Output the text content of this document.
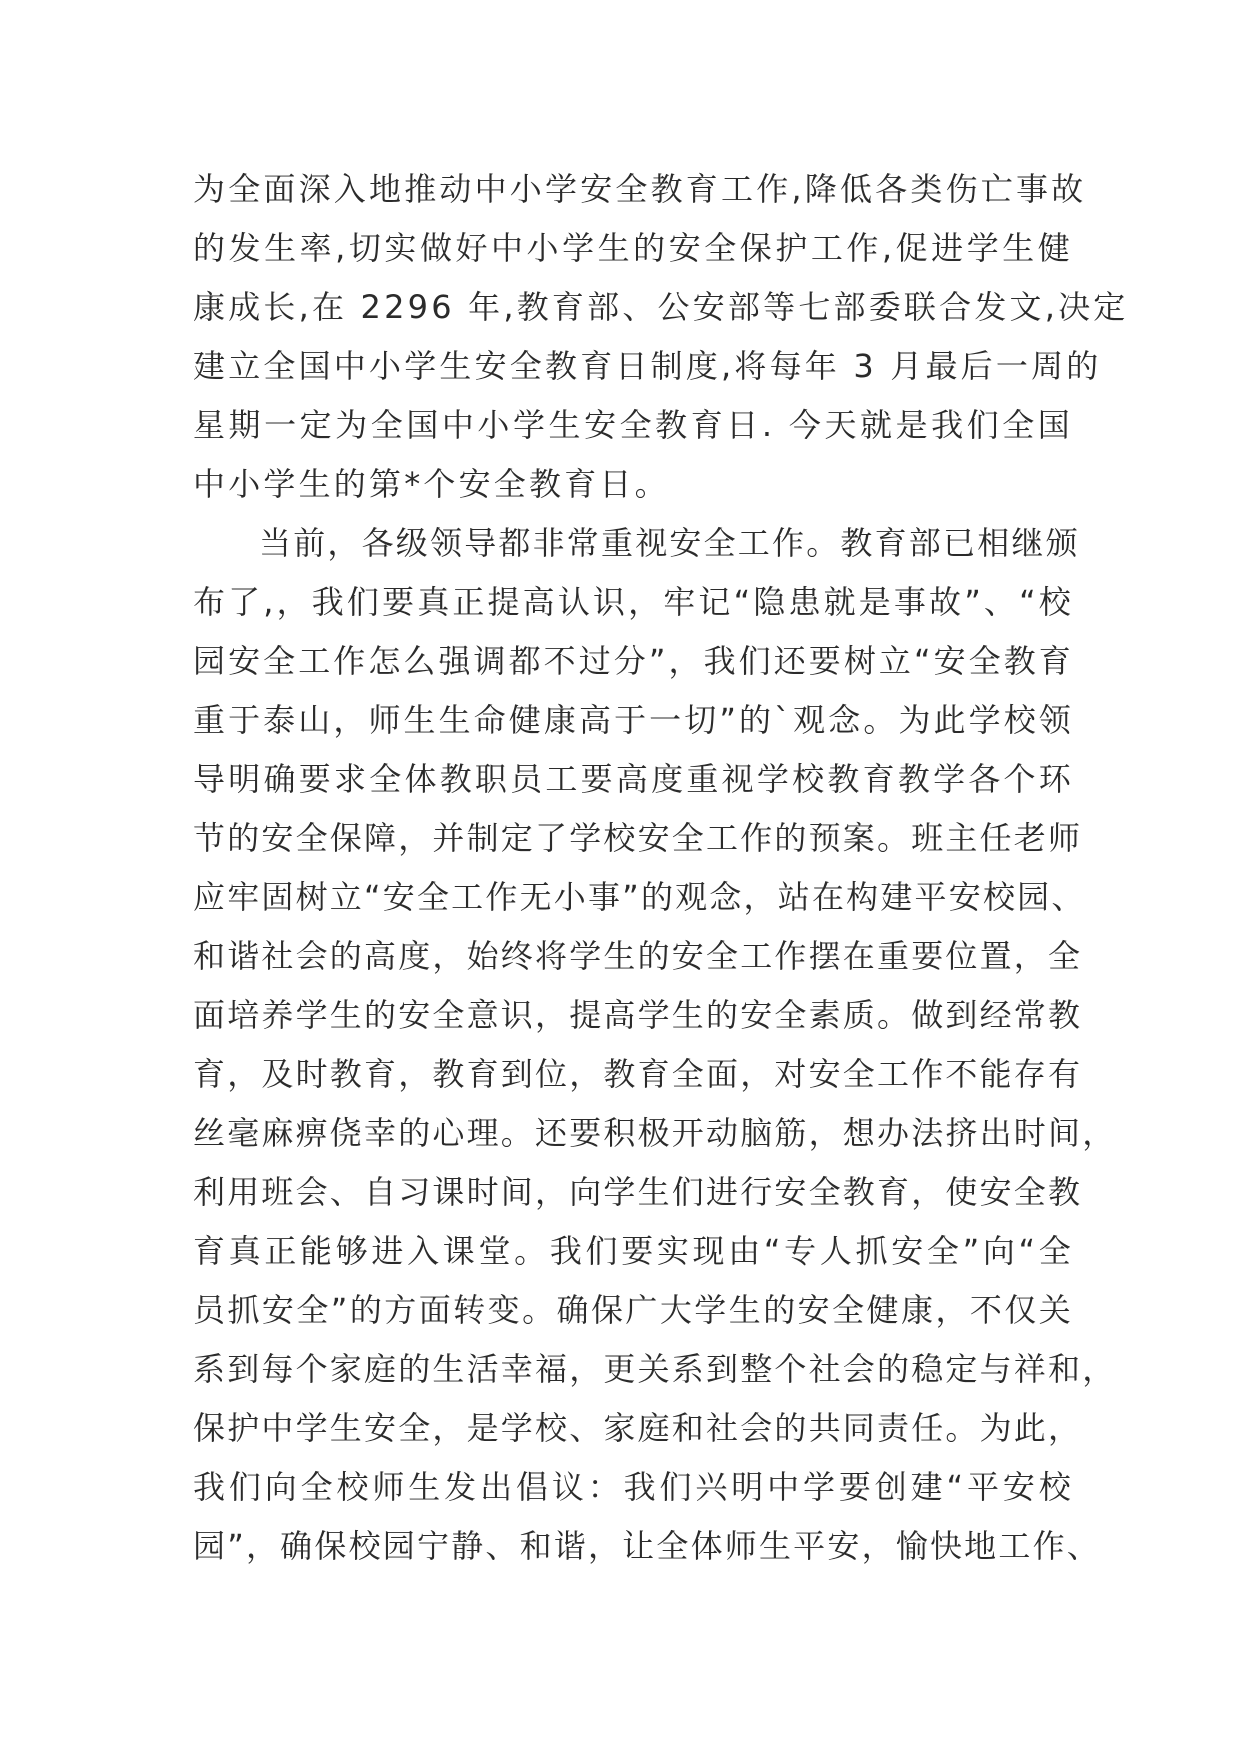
为全面深入地推动中小学安全教育工作,降低各类伤亡事故
的发生率,切实做好中小学生的安全保护工作,促进学生健
康成长,在 2296 年,教育部、公安部等七部委联合发文,决定
建立全国中小学生安全教育日制度,将每年 3 月最后一周的
星期一定为全国中小学生安全教育日. 今天就是我们全国
中小学生的第*个安全教育日。
当前，各级领导都非常重视安全工作。教育部已相继颁
布了,，我们要真正提高认识，牢记“隐患就是事故”、“校
园安全工作怎么强调都不过分”，我们还要树立“安全教育
重于泰山，师生生命健康高于一切”的`观念。为此学校领
导明确要求全体教职员工要高度重视学校教育教学各个环
节的安全保障，并制定了学校安全工作的预案。班主任老师
应牢固树立“安全工作无小事”的观念，站在构建平安校园、
和谐社会的高度，始终将学生的安全工作摆在重要位置，全
面培养学生的安全意识，提高学生的安全素质。做到经常教
育，及时教育，教育到位，教育全面，对安全工作不能存有
丝毫麻痹侥幸的心理。还要积极开动脑筋，想办法挤出时间，
利用班会、自习课时间，向学生们进行安全教育，使安全教
育真正能够进入课堂。我们要实现由“专人抓安全”向“全
员抓安全”的方面转变。确保广大学生的安全健康，不仅关
系到每个家庭的生活幸福，更关系到整个社会的稳定与祥和，
保护中学生安全，是学校、家庭和社会的共同责任。为此，
我们向全校师生发出倡议：我们兴明中学要创建“平安校
园”，确保校园宁静、和谐，让全体师生平安，愉快地工作、
